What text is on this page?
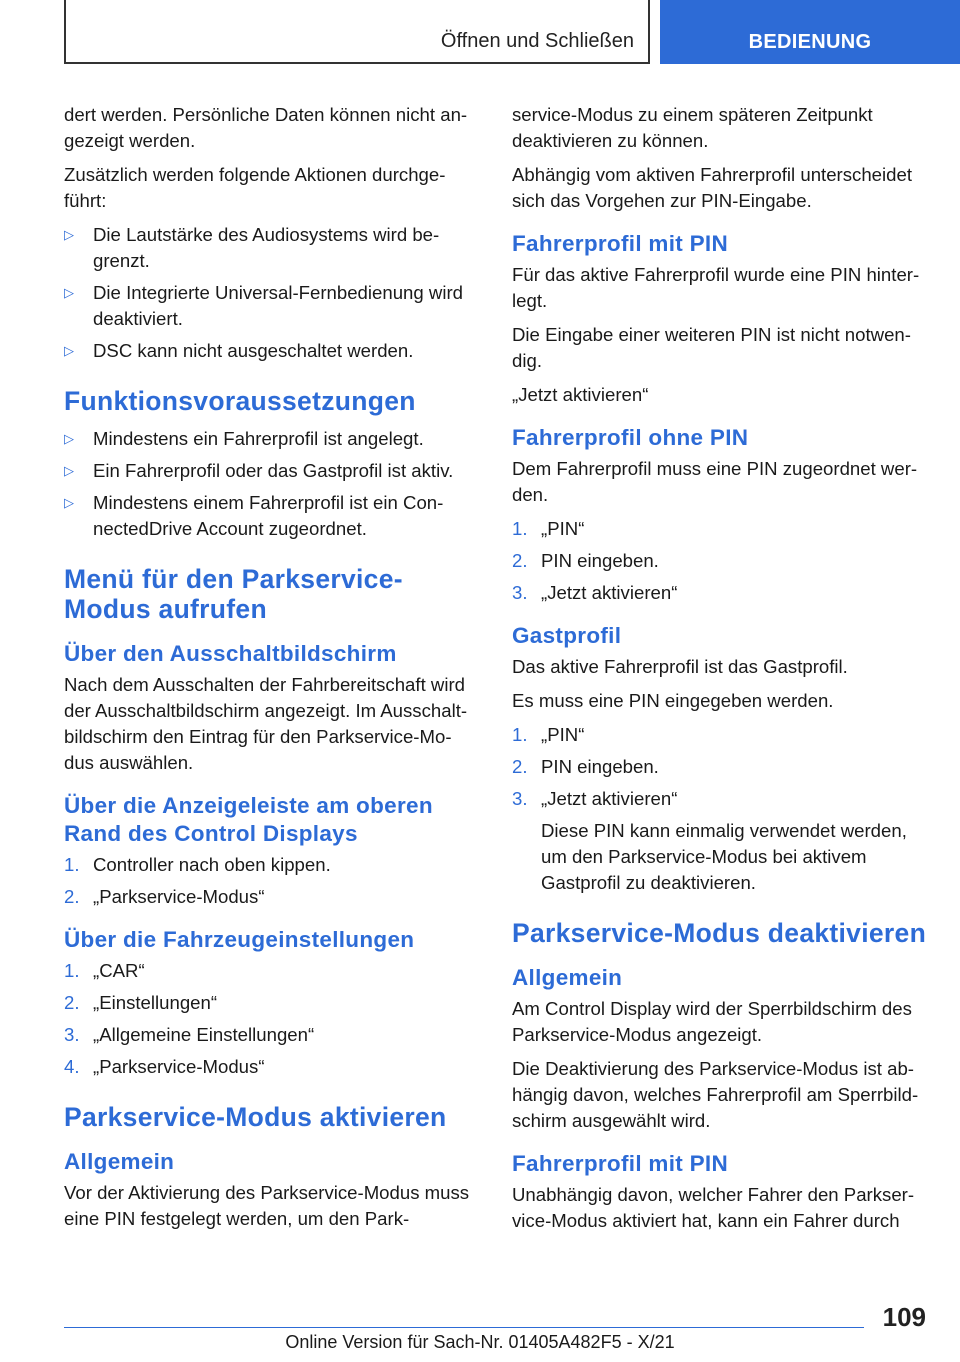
Öffnen und Schließen	BEDIENUNG

dert werden. Persönliche Daten können nicht an-gezeigt werden.

Zusätzlich werden folgende Aktionen durchge-führt:

▷	Die Lautstärke des Audiosystems wird be-grenzt.
▷	Die Integrierte Universal-Fernbedienung wird deaktiviert.
▷	DSC kann nicht ausgeschaltet werden.
Funktionsvoraussetzungen
▷	Mindestens ein Fahrerprofil ist angelegt.
▷	Ein Fahrerprofil oder das Gastprofil ist aktiv.
▷	Mindestens einem Fahrerprofil ist ein Con-nectedDrive Account zugeordnet.
Menü für den Parkservice-Modus aufrufen
Über den Ausschaltbildschirm

Nach dem Ausschalten der Fahrbereitschaft wird der Ausschaltbildschirm angezeigt. Im Ausschalt-bildschirm den Eintrag für den Parkservice-Mo-dus auswählen.

Über die Anzeigeleiste am oberen Rand des Control Displays
1. Controller nach oben kippen.
2. „Parkservice-Modus“
Über die Fahrzeugeinstellungen
1. „CAR“
2. „Einstellungen“
3. „Allgemeine Einstellungen“
4. „Parkservice-Modus“
Parkservice-Modus aktivieren
Allgemein

Vor der Aktivierung des Parkservice-Modus muss eine PIN festgelegt werden, um den Park-

service-Modus zu einem späteren Zeitpunkt deaktivieren zu können.

Abhängig vom aktiven Fahrerprofil unterscheidet sich das Vorgehen zur PIN-Eingabe.

Fahrerprofil mit PIN

Für das aktive Fahrerprofil wurde eine PIN hinter-legt.

Die Eingabe einer weiteren PIN ist nicht notwen-dig.

„Jetzt aktivieren“

Fahrerprofil ohne PIN

Dem Fahrerprofil muss eine PIN zugeordnet wer-den.

1. „PIN“
2. PIN eingeben.
3. „Jetzt aktivieren“
Gastprofil

Das aktive Fahrerprofil ist das Gastprofil.

Es muss eine PIN eingegeben werden.

1. „PIN“
2. PIN eingeben.
3. „Jetzt aktivieren“
Diese PIN kann einmalig verwendet werden, um den Parkservice-Modus bei aktivem Gastprofil zu deaktivieren.
Parkservice-Modus deaktivieren
Allgemein

Am Control Display wird der Sperrbildschirm des Parkservice-Modus angezeigt.

Die Deaktivierung des Parkservice-Modus ist ab-hängig davon, welches Fahrerprofil am Sperrbild-schirm ausgewählt wird.

Fahrerprofil mit PIN

Unabhängig davon, welcher Fahrer den Parkser-vice-Modus aktiviert hat, kann ein Fahrer durch

109
Online Version für Sach-Nr. 01405A482F5 - X/21
